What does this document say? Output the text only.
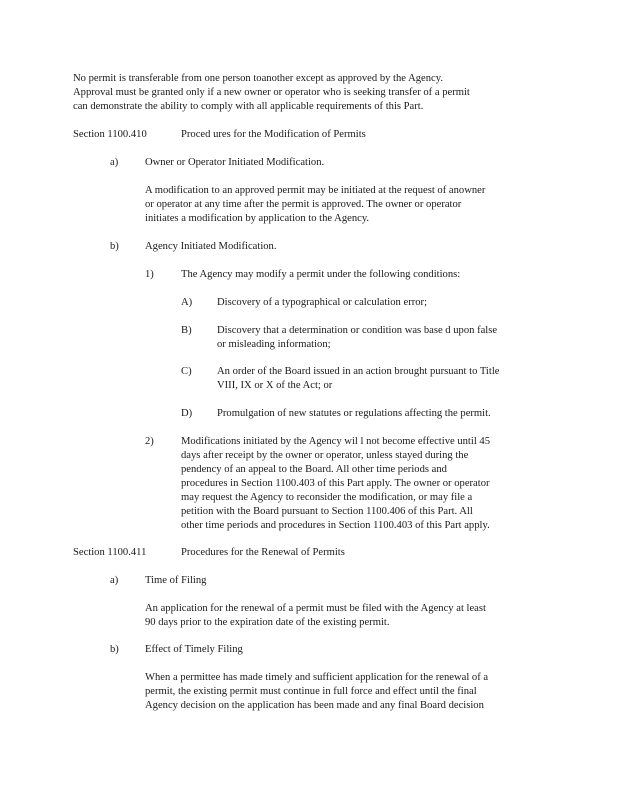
No permit is transferable from one person toanother except as approved by the Agency.
Approval must be granted only if a new owner or operator who is seeking transfer of a permit
can demonstrate the ability to comply with all applicable requirements of this Part.
Section 1100.410	Proced ures for the Modification of Permits
a)	Owner or Operator Initiated Modification.
A modification to an approved permit may be initiated at the request of anowner
or operator at any time after the permit is approved. The owner or operator
initiates a modification by application to the Agency.
b) Agency Initiated Modification.
1)	The Agency may modify a permit under the following conditions:
A) Discovery of a typographical or calculation error;
B) Discovery that a determination or condition was base d upon false
or misleading information;
C) An order of the Board issued in an action brought pursuant to Title
VIII, IX or X of the Act; or
D) Promulgation of new statutes or regulations affecting the permit.
2)	Modifications initiated by the Agency wil l not become effective until 45
days after receipt by the owner or operator, unless stayed during the
pendency of an appeal to the Board. All other time periods and
procedures in Section 1100.403 of this Part apply. The owner or operator
may request the Agency to reconsider the modification, or may file a
petition with the Board pursuant to Section 1100.406 of this Part. All
other time periods and procedures in Section 1100.403 of this Part apply.
Section 1100.411	Procedures for the Renewal of Permits
a)	Time of Filing
An application for the renewal of a permit must be filed with the Agency at least
90 days prior to the expiration date of the existing permit.
b) Effect of Timely Filing
When a permittee has made timely and sufficient application for the renewal of a
permit, the existing permit must continue in full force and effect until the final
Agency decision on the application has been made and any final Board decision
